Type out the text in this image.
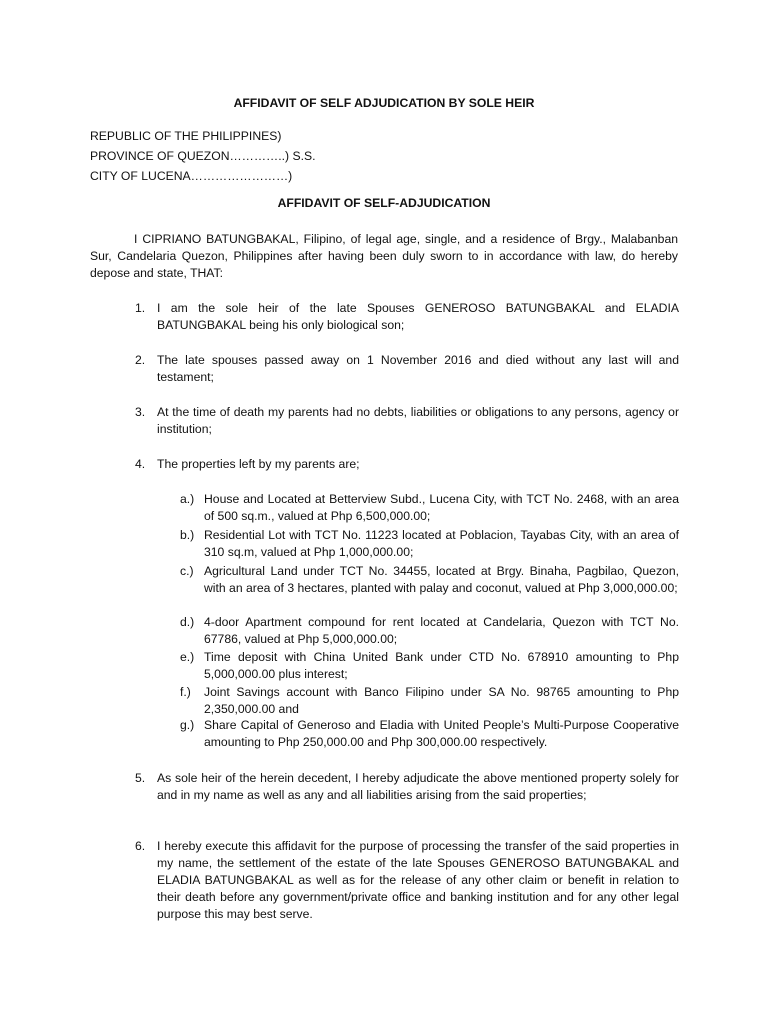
AFFIDAVIT OF SELF ADJUDICATION BY SOLE HEIR
REPUBLIC OF THE PHILIPPINES)
PROVINCE OF QUEZON…………..) S.S.
CITY OF LUCENA……………………)
AFFIDAVIT OF SELF-ADJUDICATION
I CIPRIANO BATUNGBAKAL, Filipino, of legal age, single, and a residence of Brgy., Malabanban Sur, Candelaria Quezon, Philippines after having been duly sworn to in accordance with law, do hereby depose and state, THAT:
1. I am the sole heir of the late Spouses GENEROSO BATUNGBAKAL and ELADIA BATUNGBAKAL being his only biological son;
2. The late spouses passed away on 1 November 2016 and died without any last will and testament;
3. At the time of death my parents had no debts, liabilities or obligations to any persons, agency or institution;
4. The properties left by my parents are;
a.) House and Located at Betterview Subd., Lucena City, with TCT No. 2468, with an area of 500 sq.m., valued at Php 6,500,000.00;
b.) Residential Lot with TCT No. 11223 located at Poblacion, Tayabas City, with an area of 310 sq.m, valued at Php 1,000,000.00;
c.) Agricultural Land under TCT No. 34455, located at Brgy. Binaha, Pagbilao, Quezon, with an area of 3 hectares, planted with palay and coconut, valued at Php 3,000,000.00;
d.) 4-door Apartment compound for rent located at Candelaria, Quezon with TCT No. 67786, valued at Php 5,000,000.00;
e.) Time deposit with China United Bank under CTD No. 678910 amounting to Php 5,000,000.00 plus interest;
f.)	Joint Savings account with Banco Filipino under SA No. 98765 amounting to Php 2,350,000.00 and
g.) Share Capital of Generoso and Eladia with United People’s Multi-Purpose Cooperative amounting to Php 250,000.00 and Php 300,000.00 respectively.
5. As sole heir of the herein decedent, I hereby adjudicate the above mentioned property solely for and in my name as well as any and all liabilities arising from the said properties;
6. I hereby execute this affidavit for the purpose of processing the transfer of the said properties in my name, the settlement of the estate of the late Spouses GENEROSO BATUNGBAKAL and ELADIA BATUNGBAKAL as well as for the release of any other claim or benefit in relation to their death before any government/private office and banking institution and for any other legal purpose this may best serve.
